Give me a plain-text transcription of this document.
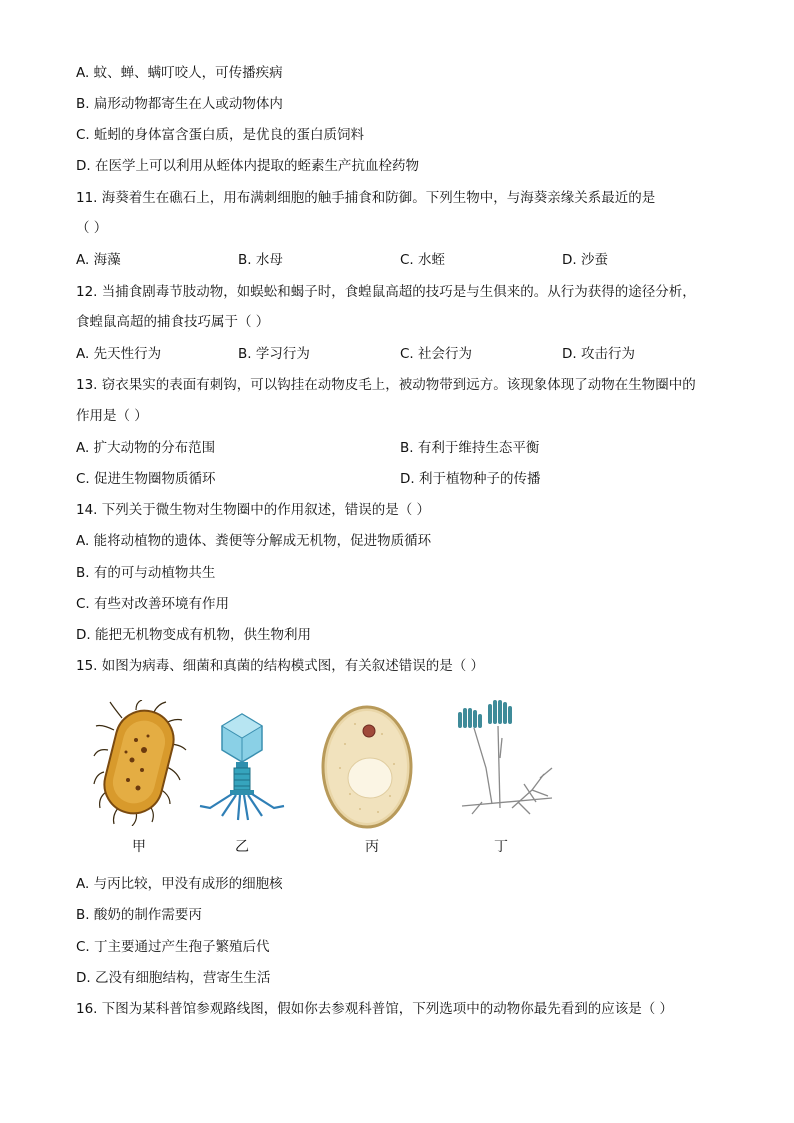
A. 蚊、蝉、螨叮咬人，可传播疾病
B. 扁形动物都寄生在人或动物体内
C. 蚯蚓的身体富含蛋白质，是优良的蛋白质饲料
D. 在医学上可以利用从蛭体内提取的蛭素生产抗血栓药物
11. 海葵着生在礁石上，用布满刺细胞的触手捕食和防御。下列生物中，与海葵亲缘关系最近的是
（ ）
A. 海藻	B. 水母	C. 水蛭	D. 沙蚕
12. 当捕食剧毒节肢动物，如蜈蚣和蝎子时，食蝗鼠高超的技巧是与生俱来的。从行为获得的途径分析，
食蝗鼠高超的捕食技巧属于（ ）
A. 先天性行为	B. 学习行为	C. 社会行为	D. 攻击行为
13. 窃衣果实的表面有刺钩，可以钩挂在动物皮毛上，被动物带到远方。该现象体现了动物在生物圈中的
作用是（ ）
A. 扩大动物的分布范围	B. 有利于维持生态平衡
C. 促进生物圈物质循环	D. 利于植物种子的传播
14. 下列关于微生物对生物圈中的作用叙述，错误的是（ ）
A. 能将动植物的遗体、粪便等分解成无机物，促进物质循环
B. 有的可与动植物共生
C. 有些对改善环境有作用
D. 能把无机物变成有机物，供生物利用
15. 如图为病毒、细菌和真菌的结构模式图，有关叙述错误的是（ ）
甲	乙	丙	丁
A. 与丙比较，甲没有成形的细胞核
B. 酸奶的制作需要丙
C. 丁主要通过产生孢子繁殖后代
D. 乙没有细胞结构，营寄生生活
16. 下图为某科普馆参观路线图，假如你去参观科普馆，下列选项中的动物你最先看到的应该是（ ）
